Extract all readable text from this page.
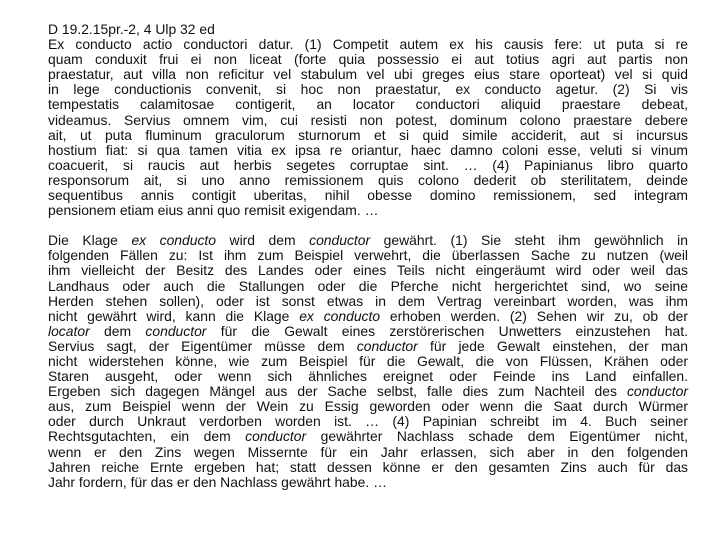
D 19.2.15pr.-2, 4 Ulp 32 ed
Ex conducto actio conductori datur. (1) Competit autem ex his causis fere: ut puta si re
quam conduxit frui ei non liceat (forte quia possessio ei aut totius agri aut partis non
praestatur, aut villa non reficitur vel stabulum vel ubi greges eius stare oporteat) vel si quid
in lege conductionis convenit, si hoc non praestatur, ex conducto agetur. (2) Si vis
tempestatis calamitosae contigerit, an locator conductori aliquid praestare debeat,
videamus. Servius omnem vim, cui resisti non potest, dominum colono praestare debere
ait, ut puta fluminum graculorum sturnorum et si quid simile acciderit, aut si incursus
hostium fiat: si qua tamen vitia ex ipsa re oriantur, haec damno coloni esse, veluti si vinum
coacuerit, si raucis aut herbis segetes corruptae sint. … (4) Papinianus libro quarto
responsorum ait, si uno anno remissionem quis colono dederit ob sterilitatem, deinde
sequentibus annis contigit uberitas, nihil obesse domino remissionem, sed integram
pensionem etiam eius anni quo remisit exigendam. …
Die Klage ex conducto wird dem conductor gewährt. (1) Sie steht ihm gewöhnlich in
folgenden Fällen zu: Ist ihm zum Beispiel verwehrt, die überlassen Sache zu nutzen (weil
ihm vielleicht der Besitz des Landes oder eines Teils nicht eingeräumt wird oder weil das
Landhaus oder auch die Stallungen oder die Pferche nicht hergerichtet sind, wo seine
Herden stehen sollen), oder ist sonst etwas in dem Vertrag vereinbart worden, was ihm
nicht gewährt wird, kann die Klage ex conducto erhoben werden. (2) Sehen wir zu, ob der
locator dem conductor für die Gewalt eines zerstörerischen Unwetters einzustehen hat.
Servius sagt, der Eigentümer müsse dem conductor für jede Gewalt einstehen, der man
nicht widerstehen könne, wie zum Beispiel für die Gewalt, die von Flüssen, Krähen oder
Staren ausgeht, oder wenn sich ähnliches ereignet oder Feinde ins Land einfallen.
Ergeben sich dagegen Mängel aus der Sache selbst, falle dies zum Nachteil des conductor
aus, zum Beispiel wenn der Wein zu Essig geworden oder wenn die Saat durch Würmer
oder durch Unkraut verdorben worden ist. … (4) Papinian schreibt im 4. Buch seiner
Rechtsgutachten, ein dem conductor gewährter Nachlass schade dem Eigentümer nicht,
wenn er den Zins wegen Missernte für ein Jahr erlassen, sich aber in den folgenden
Jahren reiche Ernte ergeben hat; statt dessen könne er den gesamten Zins auch für das
Jahr fordern, für das er den Nachlass gewährt habe. …
